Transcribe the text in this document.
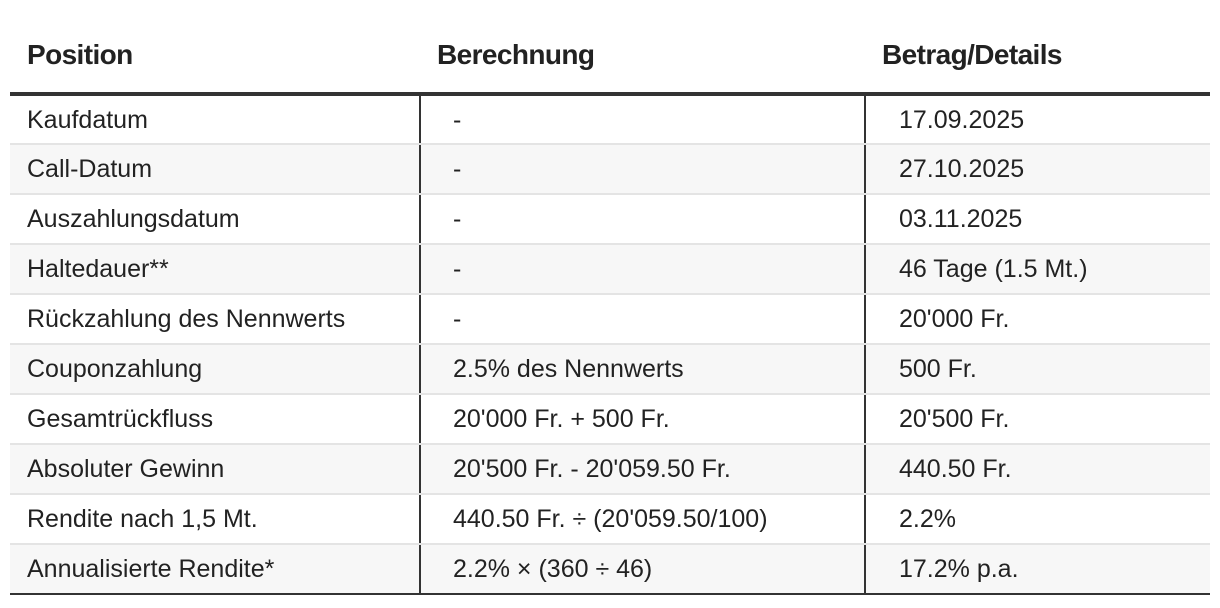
Position	Berechnung	Betrag/Details
Kaufdatum	-	17.09.2025
Call-Datum	-	27.10.2025
Auszahlungsdatum	-	03.11.2025
Haltedauer**	-	46 Tage (1.5 Mt.)
Rückzahlung des Nennwerts	-	20'000 Fr.
Couponzahlung	2.5% des Nennwerts	500 Fr.
Gesamtrückfluss	20'000 Fr. + 500 Fr.	20'500 Fr.
Absoluter Gewinn	20'500 Fr. - 20'059.50 Fr.	440.50 Fr.
Rendite nach 1,5 Mt.	440.50 Fr. ÷ (20'059.50/100)	2.2%
Annualisierte Rendite*	2.2% × (360 ÷ 46)	17.2% p.a.
